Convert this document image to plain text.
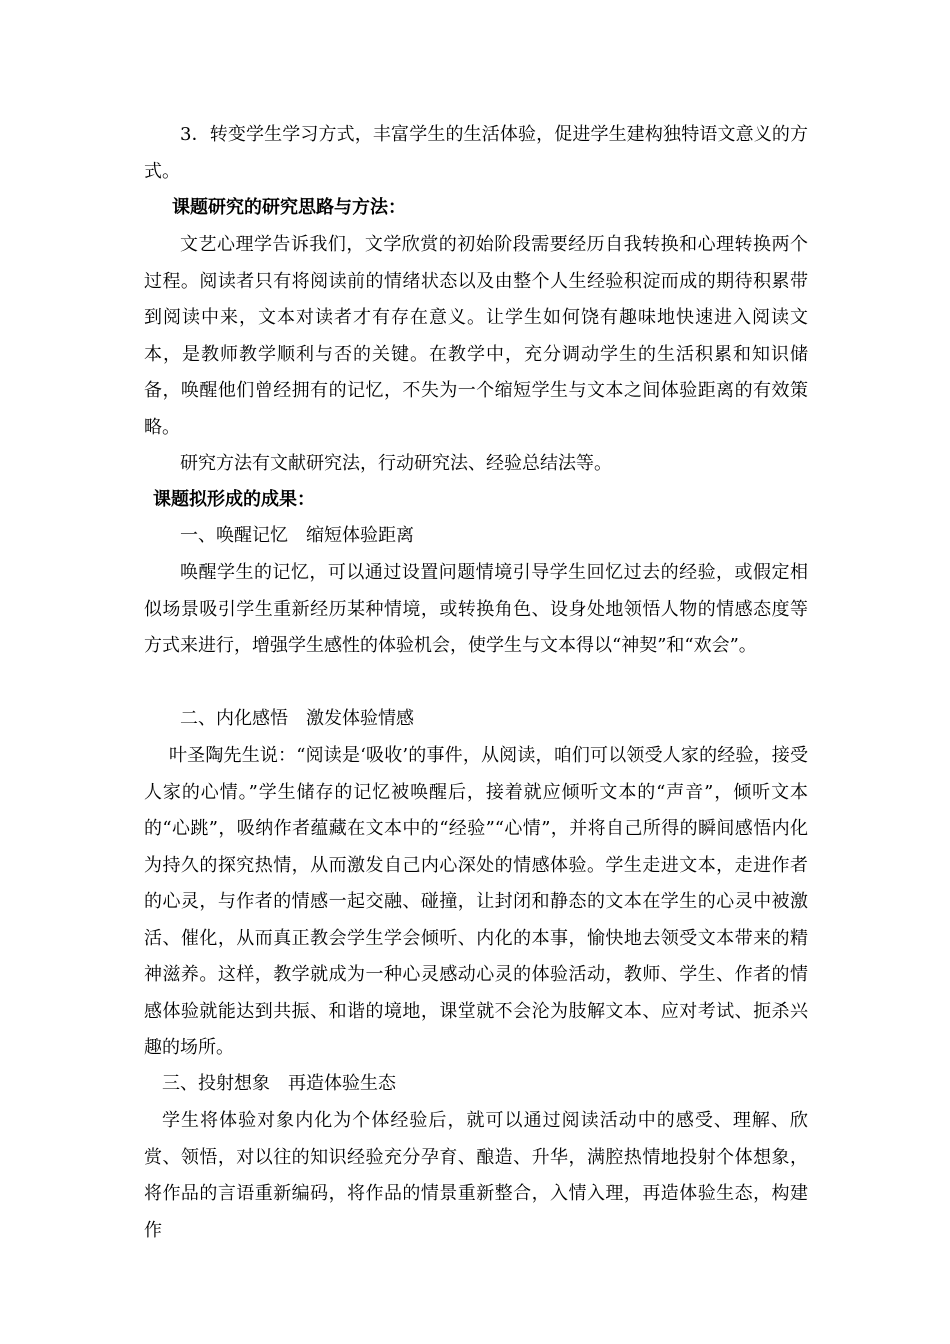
3．转变学生学习方式，丰富学生的生活体验，促进学生建构独特语文意义的方式。

课题研究的研究思路与方法：

文艺心理学告诉我们，文学欣赏的初始阶段需要经历自我转换和心理转换两个过程。阅读者只有将阅读前的情绪状态以及由整个人生经验积淀而成的期待积累带到阅读中来，文本对读者才有存在意义。让学生如何饶有趣味地快速进入阅读文本，是教师教学顺利与否的关键。在教学中，充分调动学生的生活积累和知识储备，唤醒他们曾经拥有的记忆，不失为一个缩短学生与文本之间体验距离的有效策略。

研究方法有文献研究法，行动研究法、经验总结法等。

课题拟形成的成果：

一、唤醒记忆　缩短体验距离

唤醒学生的记忆，可以通过设置问题情境引导学生回忆过去的经验，或假定相似场景吸引学生重新经历某种情境，或转换角色、设身处地领悟人物的情感态度等方式来进行，增强学生感性的体验机会，使学生与文本得以“神契”和“欢会”。

二、内化感悟　激发体验情感

叶圣陶先生说：“阅读是‘吸收’的事件，从阅读，咱们可以领受人家的经验，接受人家的心情。”学生储存的记忆被唤醒后，接着就应倾听文本的“声音”，倾听文本的“心跳”，吸纳作者蕴藏在文本中的“经验”“心情”，并将自己所得的瞬间感悟内化为持久的探究热情，从而激发自己内心深处的情感体验。学生走进文本，走进作者的心灵，与作者的情感一起交融、碰撞，让封闭和静态的文本在学生的心灵中被激活、催化，从而真正教会学生学会倾听、内化的本事，愉快地去领受文本带来的精神滋养。这样，教学就成为一种心灵感动心灵的体验活动，教师、学生、作者的情感体验就能达到共振、和谐的境地，课堂就不会沦为肢解文本、应对考试、扼杀兴趣的场所。

三、投射想象　再造体验生态

学生将体验对象内化为个体经验后，就可以通过阅读活动中的感受、理解、欣赏、领悟，对以往的知识经验充分孕育、酿造、升华，满腔热情地投射个体想象，将作品的言语重新编码，将作品的情景重新整合，入情入理，再造体验生态，构建作
